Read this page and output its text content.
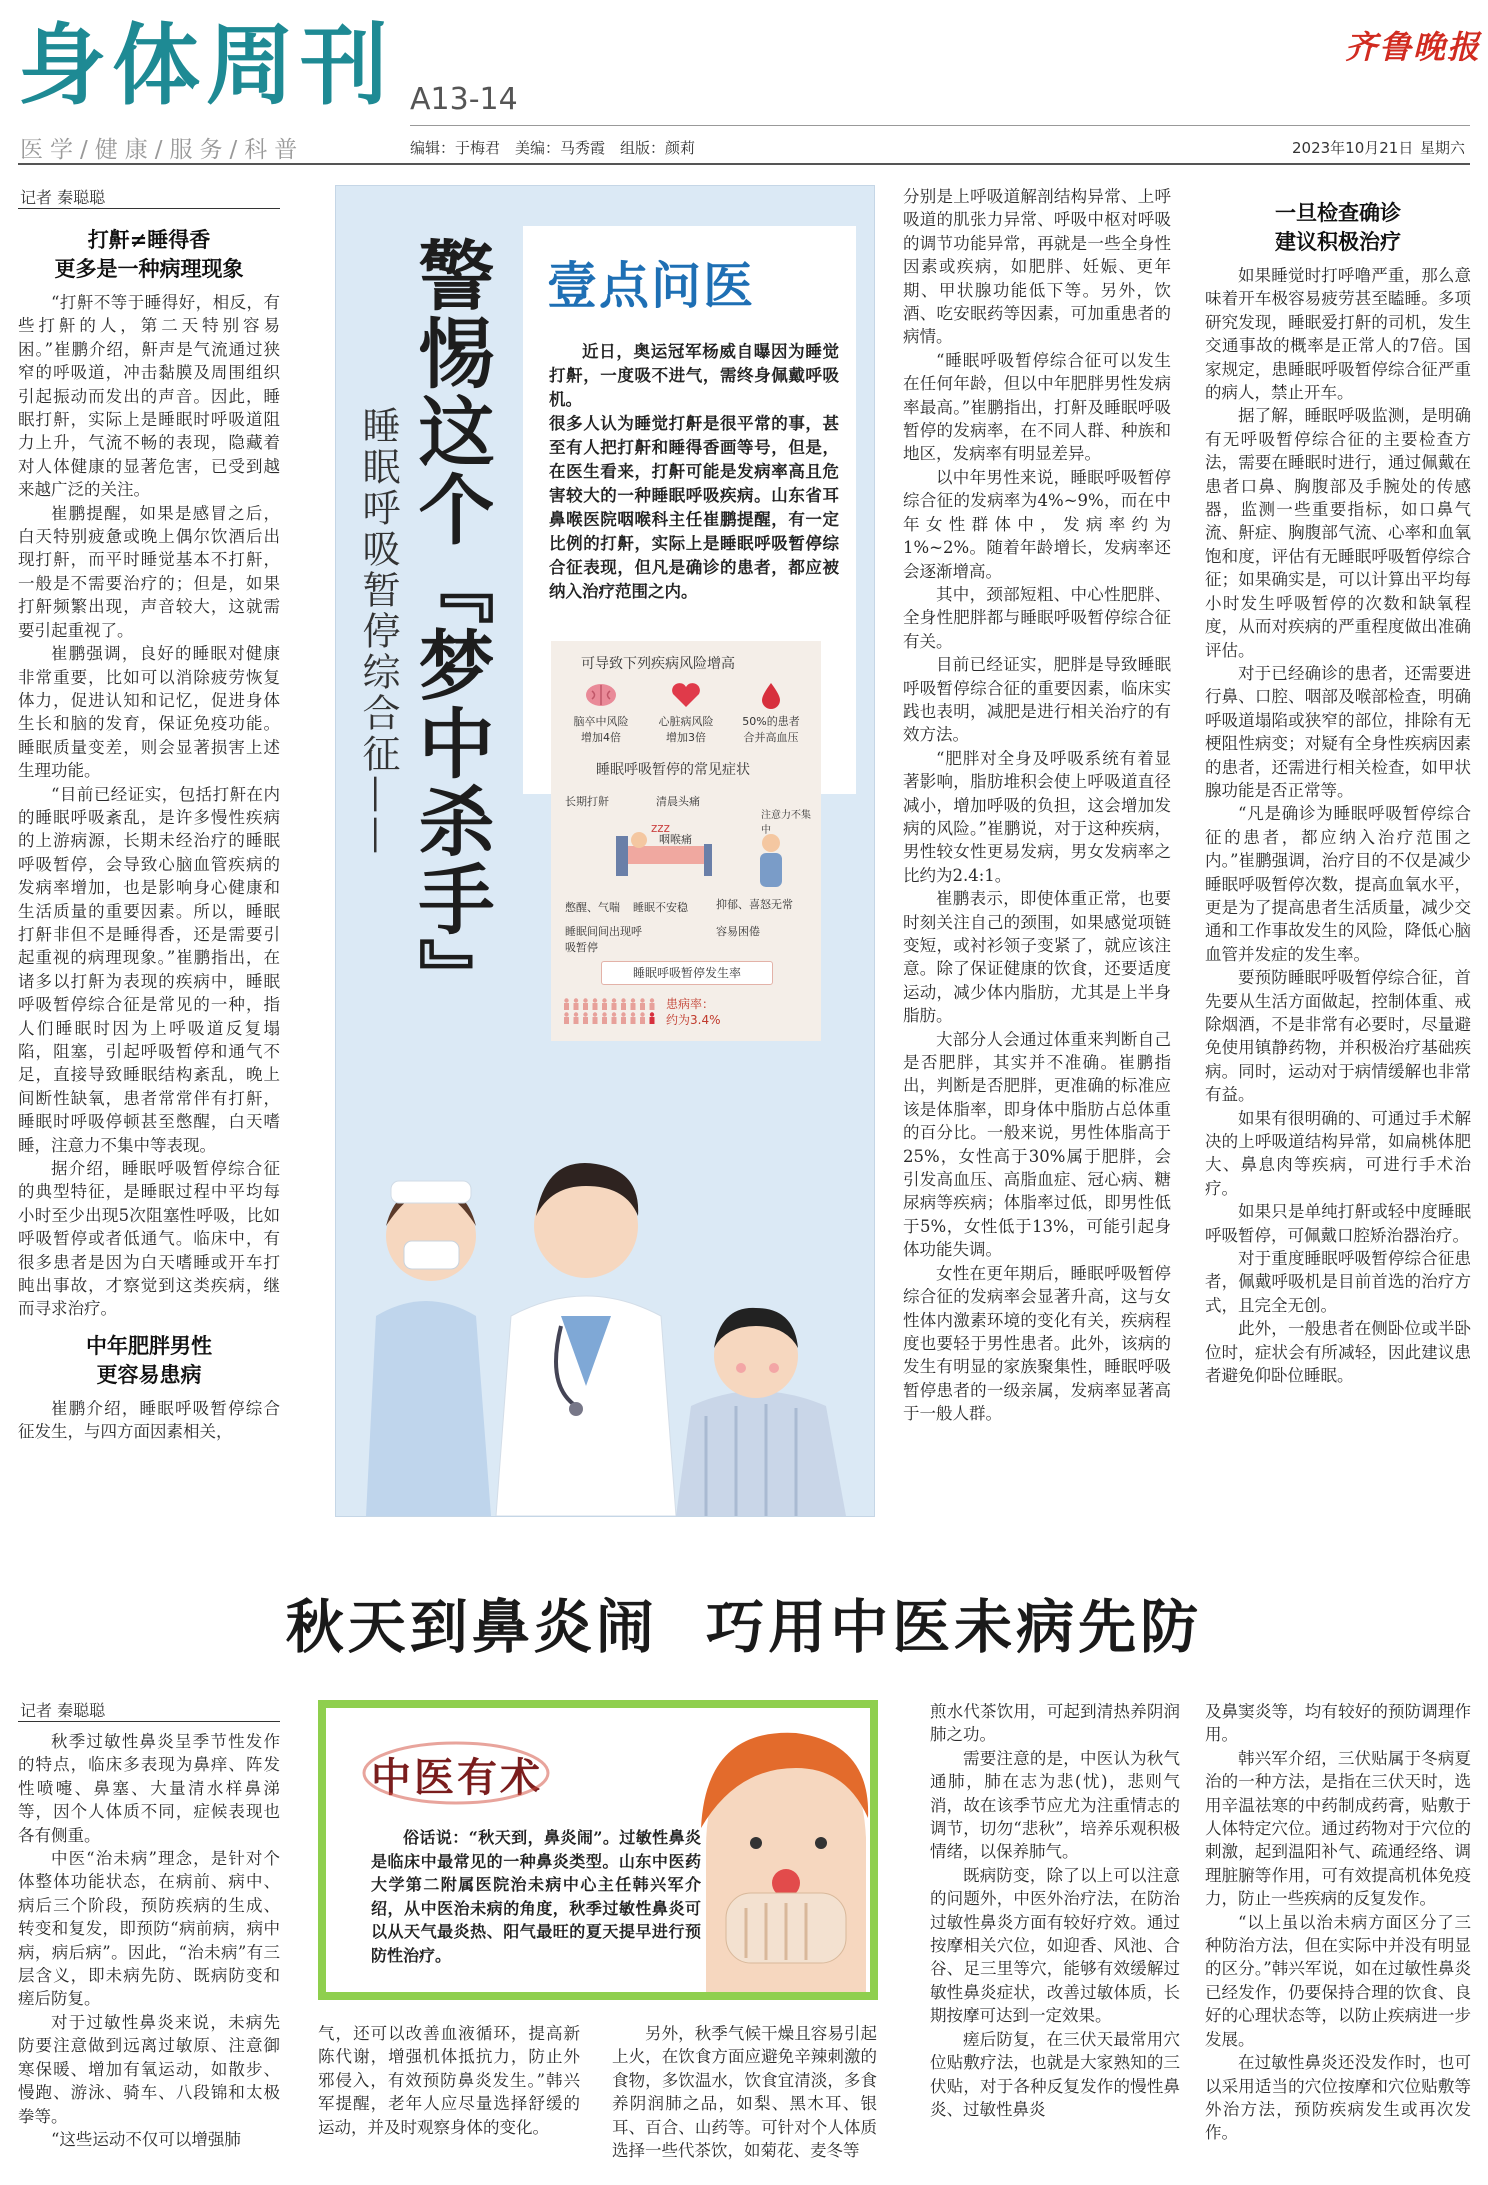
身体周刊 A13-14
医学/健康/服务/科普	编辑：于梅君 美编：马秀霞 组版：颜莉	2023年10月21日 星期六
齐鲁晚报
记者 秦聪聪
打鼾≠睡得香
更多是一种病理现象

“打鼾不等于睡得好，相反，有些打鼾的人，第二天特别容易困。”崔鹏介绍，鼾声是气流通过狭窄的呼吸道，冲击黏膜及周围组织引起振动而发出的声音。因此，睡眠打鼾，实际上是睡眠时呼吸道阻力上升，气流不畅的表现，隐藏着对人体健康的显著危害，已受到越来越广泛的关注。

崔鹏提醒，如果是感冒之后，白天特别疲惫或晚上偶尔饮酒后出现打鼾，而平时睡觉基本不打鼾，一般是不需要治疗的；但是，如果打鼾频繁出现，声音较大，这就需要引起重视了。

崔鹏强调，良好的睡眠对健康非常重要，比如可以消除疲劳恢复体力，促进认知和记忆，促进身体生长和脑的发育，保证免疫功能。睡眠质量变差，则会显著损害上述生理功能。

“目前已经证实，包括打鼾在内的睡眠呼吸紊乱，是许多慢性疾病的上游病源，长期未经治疗的睡眠呼吸暂停，会导致心脑血管疾病的发病率增加，也是影响身心健康和生活质量的重要因素。所以，睡眠打鼾非但不是睡得香，还是需要引起重视的病理现象。”崔鹏指出，在诸多以打鼾为表现的疾病中，睡眠呼吸暂停综合征是常见的一种，指人们睡眠时因为上呼吸道反复塌陷，阻塞，引起呼吸暂停和通气不足，直接导致睡眠结构紊乱，晚上间断性缺氧，患者常常伴有打鼾，睡眠时呼吸停顿甚至憋醒，白天嗜睡，注意力不集中等表现。

据介绍，睡眠呼吸暂停综合征的典型特征，是睡眠过程中平均每小时至少出现5次阻塞性呼吸，比如呼吸暂停或者低通气。临床中，有很多患者是因为白天嗜睡或开车打盹出事故，才察觉到这类疾病，继而寻求治疗。

中年肥胖男性
更容易患病

崔鹏介绍，睡眠呼吸暂停综合征发生，与四方面因素相关，

警惕这个『梦中杀手』
睡眠呼吸暂停综合征——
壹点问医
近日，奥运冠军杨威自曝因为睡觉打鼾，一度吸不进气，需终身佩戴呼吸机。
很多人认为睡觉打鼾是很平常的事，甚至有人把打鼾和睡得香画等号，但是，在医生看来，打鼾可能是发病率高且危害较大的一种睡眠呼吸疾病。山东省耳鼻喉医院咽喉科主任崔鹏提醒，有一定比例的打鼾，实际上是睡眠呼吸暂停综合征表现，但凡是确诊的患者，都应被纳入治疗范围之内。
可导致下列疾病风险增高
脑卒中风险
增加4倍
心脏病风险
增加3倍
50%的患者
合并高血压
睡眠呼吸暂停的常见症状
zzz
长期打鼾	清晨头痛
注意力不集中
咽喉痛
憋醒、气喘 睡眠不安稳	抑郁、喜怒无常
睡眠间间出现呼吸暂停
容易困倦
睡眠呼吸暂停发生率
患病率：
约为3.4%

分别是上呼吸道解剖结构异常、上呼吸道的肌张力异常、呼吸中枢对呼吸的调节功能异常，再就是一些全身性因素或疾病，如肥胖、妊娠、更年期、甲状腺功能低下等。另外，饮酒、吃安眠药等因素，可加重患者的病情。

“睡眠呼吸暂停综合征可以发生在任何年龄，但以中年肥胖男性发病率最高。”崔鹏指出，打鼾及睡眠呼吸暂停的发病率，在不同人群、种族和地区，发病率有明显差异。

以中年男性来说，睡眠呼吸暂停综合征的发病率为4%~9%，而在中年女性群体中，发病率约为1%~2%。随着年龄增长，发病率还会逐渐增高。

其中，颈部短粗、中心性肥胖、全身性肥胖都与睡眠呼吸暂停综合征有关。

目前已经证实，肥胖是导致睡眠呼吸暂停综合征的重要因素，临床实践也表明，减肥是进行相关治疗的有效方法。

“肥胖对全身及呼吸系统有着显著影响，脂肪堆积会使上呼吸道直径减小，增加呼吸的负担，这会增加发病的风险。”崔鹏说，对于这种疾病，男性较女性更易发病，男女发病率之比约为2.4:1。

崔鹏表示，即使体重正常，也要时刻关注自己的颈围，如果感觉项链变短，或衬衫领子变紧了，就应该注意。除了保证健康的饮食，还要适度运动，减少体内脂肪，尤其是上半身脂肪。

大部分人会通过体重来判断自己是否肥胖，其实并不准确。崔鹏指出，判断是否肥胖，更准确的标准应该是体脂率，即身体中脂肪占总体重的百分比。一般来说，男性体脂高于25%，女性高于30%属于肥胖，会引发高血压、高脂血症、冠心病、糖尿病等疾病；体脂率过低，即男性低于5%，女性低于13%，可能引起身体功能失调。

女性在更年期后，睡眠呼吸暂停综合征的发病率会显著升高，这与女性体内激素环境的变化有关，疾病程度也要轻于男性患者。此外，该病的发生有明显的家族聚集性，睡眠呼吸暂停患者的一级亲属，发病率显著高于一般人群。

一旦检查确诊
建议积极治疗

如果睡觉时打呼噜严重，那么意味着开车极容易疲劳甚至瞌睡。多项研究发现，睡眠爱打鼾的司机，发生交通事故的概率是正常人的7倍。国家规定，患睡眠呼吸暂停综合征严重的病人，禁止开车。

据了解，睡眠呼吸监测，是明确有无呼吸暂停综合征的主要检查方法，需要在睡眠时进行，通过佩戴在患者口鼻、胸腹部及手腕处的传感器，监测一些重要指标，如口鼻气流、鼾症、胸腹部气流、心率和血氧饱和度，评估有无睡眠呼吸暂停综合征；如果确实是，可以计算出平均每小时发生呼吸暂停的次数和缺氧程度，从而对疾病的严重程度做出准确评估。

对于已经确诊的患者，还需要进行鼻、口腔、咽部及喉部检查，明确呼吸道塌陷或狭窄的部位，排除有无梗阻性病变；对疑有全身性疾病因素的患者，还需进行相关检查，如甲状腺功能是否正常等。

“凡是确诊为睡眠呼吸暂停综合征的患者，都应纳入治疗范围之内。”崔鹏强调，治疗目的不仅是减少睡眠呼吸暂停次数，提高血氧水平，更是为了提高患者生活质量，减少交通和工作事故发生的风险，降低心脑血管并发症的发生率。

要预防睡眠呼吸暂停综合征，首先要从生活方面做起，控制体重、戒除烟酒，不是非常有必要时，尽量避免使用镇静药物，并积极治疗基础疾病。同时，运动对于病情缓解也非常有益。

如果有很明确的、可通过手术解决的上呼吸道结构异常，如扁桃体肥大、鼻息肉等疾病，可进行手术治疗。

如果只是单纯打鼾或轻中度睡眠呼吸暂停，可佩戴口腔矫治器治疗。

对于重度睡眠呼吸暂停综合征患者，佩戴呼吸机是目前首选的治疗方式，且完全无创。

此外，一般患者在侧卧位或半卧位时，症状会有所减轻，因此建议患者避免仰卧位睡眠。

秋天到鼻炎闹  巧用中医未病先防
记者 秦聪聪

秋季过敏性鼻炎呈季节性发作的特点，临床多表现为鼻痒、阵发性喷嚏、鼻塞、大量清水样鼻涕等，因个人体质不同，症候表现也各有侧重。

中医“治未病”理念，是针对个体整体功能状态，在病前、病中、病后三个阶段，预防疾病的生成、转变和复发，即预防“病前病，病中病，病后病”。因此，“治未病”有三层含义，即未病先防、既病防变和瘥后防复。

对于过敏性鼻炎来说，未病先防要注意做到远离过敏原、注意御寒保暖、增加有氧运动，如散步、慢跑、游泳、骑车、八段锦和太极拳等。

“这些运动不仅可以增强肺

中医有术
俗话说：“秋天到，鼻炎闹”。过敏性鼻炎是临床中最常见的一种鼻炎类型。山东中医药大学第二附属医院治未病中心主任韩兴军介绍，从中医治未病的角度，秋季过敏性鼻炎可以从天气最炎热、阳气最旺的夏天提早进行预防性治疗。

气，还可以改善血液循环，提高新陈代谢，增强机体抵抗力，防止外邪侵入，有效预防鼻炎发生。”韩兴军提醒，老年人应尽量选择舒缓的运动，并及时观察身体的变化。

另外，秋季气候干燥且容易引起上火，在饮食方面应避免辛辣刺激的食物，多饮温水，饮食宜清淡，多食养阴润肺之品，如梨、黑木耳、银耳、百合、山药等。可针对个人体质选择一些代茶饮，如菊花、麦冬等

煎水代茶饮用，可起到清热养阴润肺之功。

需要注意的是，中医认为秋气通肺，肺在志为悲(忧)，悲则气消，故在该季节应尤为注重情志的调节，切勿“悲秋”，培养乐观积极情绪，以保养肺气。

既病防变，除了以上可以注意的问题外，中医外治疗法，在防治过敏性鼻炎方面有较好疗效。通过按摩相关穴位，如迎香、风池、合谷、足三里等穴，能够有效缓解过敏性鼻炎症状，改善过敏体质，长期按摩可达到一定效果。

瘥后防复，在三伏天最常用穴位贴敷疗法，也就是大家熟知的三伏贴，对于各种反复发作的慢性鼻炎、过敏性鼻炎

及鼻窦炎等，均有较好的预防调理作用。

韩兴军介绍，三伏贴属于冬病夏治的一种方法，是指在三伏天时，选用辛温祛寒的中药制成药膏，贴敷于人体特定穴位。通过药物对于穴位的刺激，起到温阳补气、疏通经络、调理脏腑等作用，可有效提高机体免疫力，防止一些疾病的反复发作。

“以上虽以治未病方面区分了三种防治方法，但在实际中并没有明显的区分。”韩兴军说，如在过敏性鼻炎已经发作，仍要保持合理的饮食、良好的心理状态等，以防止疾病进一步发展。

在过敏性鼻炎还没发作时，也可以采用适当的穴位按摩和穴位贴敷等外治方法，预防疾病发生或再次发作。
